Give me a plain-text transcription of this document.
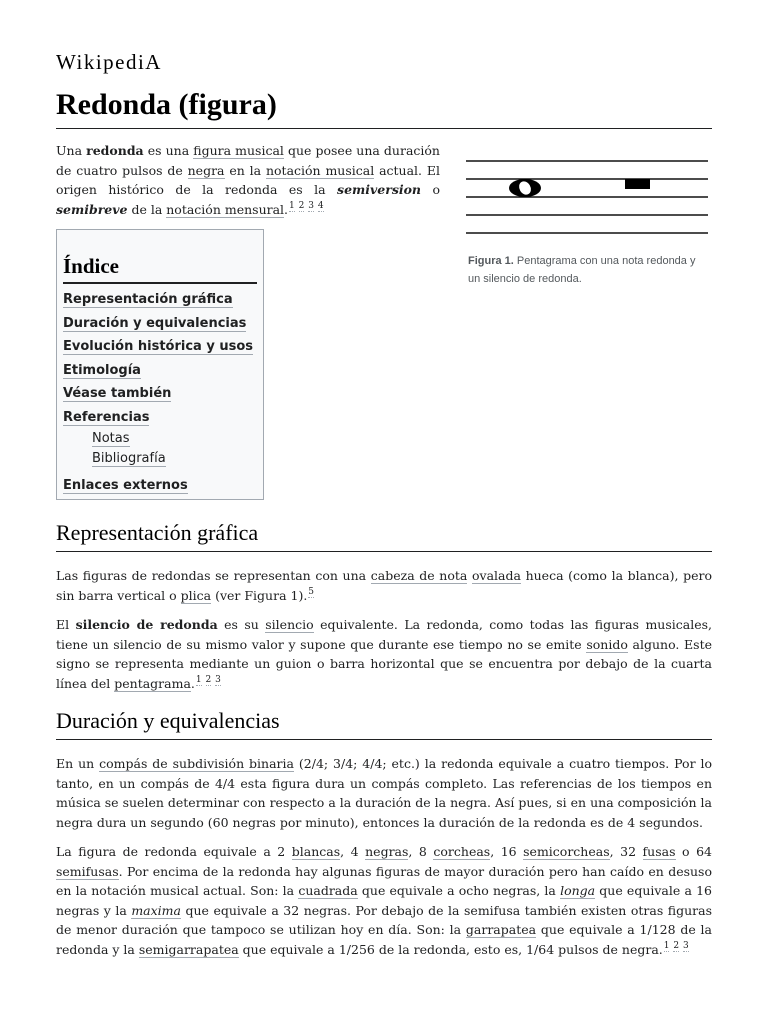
WikipediA
Redonda (figura)

Una redonda es una figura musical que posee una duración de cuatro pulsos de negra en la notación musical actual. El origen histórico de la redonda es la semiversion o semibreve de la notación mensural.$^{1 2 3 4}$

Figura 1. Pentagrama con una nota redonda y un silencio de redonda.
Índice
Representación gráfica
Duración y equivalencias
Evolución histórica y usos
Etimología
Véase también
Referencias
Notas
Bibliografía
Enlaces externos
Representación gráfica

Las figuras de redondas se representan con una cabeza de nota ovalada hueca (como la blanca), pero sin barra vertical o plica (ver Figura 1).$^5$

El silencio de redonda es su silencio equivalente. La redonda, como todas las figuras musicales, tiene un silencio de su mismo valor y supone que durante ese tiempo no se emite sonido alguno. Este signo se representa mediante un guion o barra horizontal que se encuentra por debajo de la cuarta línea del pentagrama.$^{1 2 3}$

Duración y equivalencias

En un compás de subdivisión binaria (2/4; 3/4; 4/4; etc.) la redonda equivale a cuatro tiempos. Por lo tanto, en un compás de 4/4 esta figura dura un compás completo. Las referencias de los tiempos en música se suelen determinar con respecto a la duración de la negra. Así pues, si en una composición la negra dura un segundo (60 negras por minuto), entonces la duración de la redonda es de 4 segundos.

La figura de redonda equivale a 2 blancas, 4 negras, 8 corcheas, 16 semicorcheas, 32 fusas o 64 semifusas. Por encima de la redonda hay algunas figuras de mayor duración pero han caído en desuso en la notación musical actual. Son: la cuadrada que equivale a ocho negras, la longa que equivale a 16 negras y la maxima que equivale a 32 negras. Por debajo de la semifusa también existen otras figuras de menor duración que tampoco se utilizan hoy en día. Son: la garrapatea que equivale a 1/128 de la redonda y la semigarrapatea que equivale a 1/256 de la redonda, esto es, 1/64 pulsos de negra.$^{1 2 3}$
